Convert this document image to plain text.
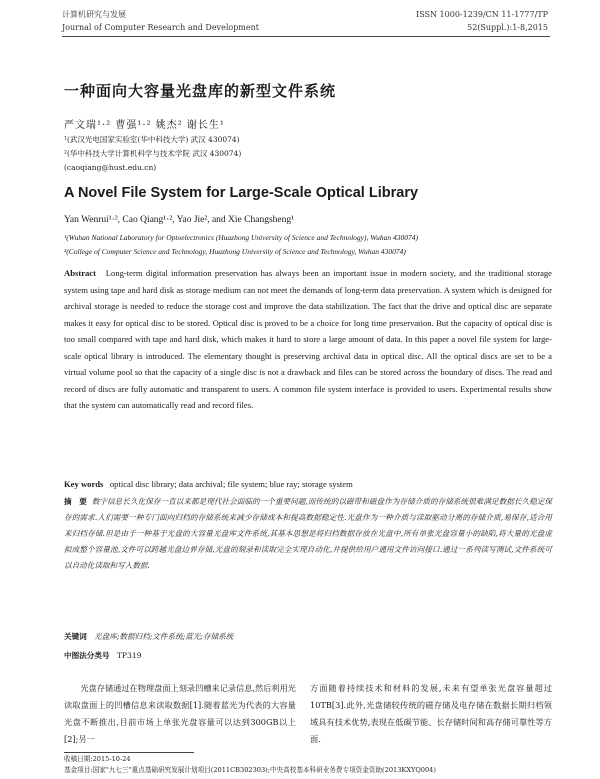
计算机研究与发展
Journal of Computer Research and Development
ISSN 1000-1239/CN 11-1777/TP
52(Suppl.):1-8,2015
一种面向大容量光盘库的新型文件系统
严文瑞¹·² 曹强¹·² 姚杰² 谢长生¹
¹(武汉光电国家实验室(华中科技大学) 武汉 430074)
²(华中科技大学计算机科学与技术学院 武汉 430074)
(caoqiang@hust.edu.cn)
A Novel File System for Large-Scale Optical Library
Yan Wenrui¹·², Cao Qiang¹·², Yao Jie², and Xie Changsheng¹
¹(Wuhan National Laboratory for Optoelectronics (Huazhong University of Science and Technology), Wuhan 430074)
²(College of Computer Science and Technology, Huazhong University of Science and Technology, Wuhan 430074)
Abstract Long-term digital information preservation has always been an important issue in modern society, and the traditional storage system using tape and hard disk as storage medium can not meet the demands of long-term data preservation. A system which is designed for archival storage is needed to reduce the storage cost and improve the data stabilization. The fact that the drive and optical disc are separate makes it easy for optical disc to be stored. Optical disc is proved to be a choice for long time preservation. But the capacity of optical disc is too small compared with tape and hard disk, which makes it hard to store a large amount of data. In this paper a novel file system for large-scale optical library is introduced. The elementary thought is preserving archival data in optical disc. All the optical discs are set to be a virtual volume pool so that the capacity of a single disc is not a drawback and files can be stored across the boundary of discs. The read and record of discs are fully automatic and transparent to users. A common file system interface is provided to users. Experimental results show that the system can automatically read and record files.
Key words optical disc library; data archival; file system; blue ray; storage system
摘　要 数字信息长久化保存一直以来都是现代社会面临的一个重要问题,而传统的以磁带和磁盘作为存储介质的存储系统很难满足数据长久稳定保存的需求.人们需要一种专门面向归档的存储系统来减少存储成本和提高数据稳定性.光盘作为一种介质与读取驱动分离的存储介质,易保存,适合用来归档存储.但是由于一种基于光盘的大容量光盘库文件系统,其基本思想是将归档数据存放在光盘中,所有单张光盘容量小的缺陷,将大量的光盘虚拟成整个容量池,文件可以跨越光盘边界存储,光盘的刻录和读取完全实现自动化,并提供给用户通用文件访问接口.通过一系列读写测试,文件系统可以自动化读取和写入数据.
关键词 光盘库;数据归档;文件系统;蓝光;存储系统
中图法分类号 TP319
光盘存储通过在物理盘面上刻录凹槽来记录信息,然后利用光读取盘面上的凹槽信息来读取数据[1].随着蓝光为代表的大容量光盘不断推出,目前市场上单张光盘容量可以达到300GB以上[2];另一
方面随着持续技术和材料的发展,未来有望单张光盘容量超过10TB[3].此外,光盘储较传统的磁存储及电存储在数据长期归档领域具有技术优势,表现在低碳节能、长存储时间和高存储可靠性等方面.
收稿日期:2015-10-24
基金项目:国家"九七三"重点基础研究发展计划项目(2011CB302303);中央高校基本科研业务费专项资金资助(2013KXYQ004)
